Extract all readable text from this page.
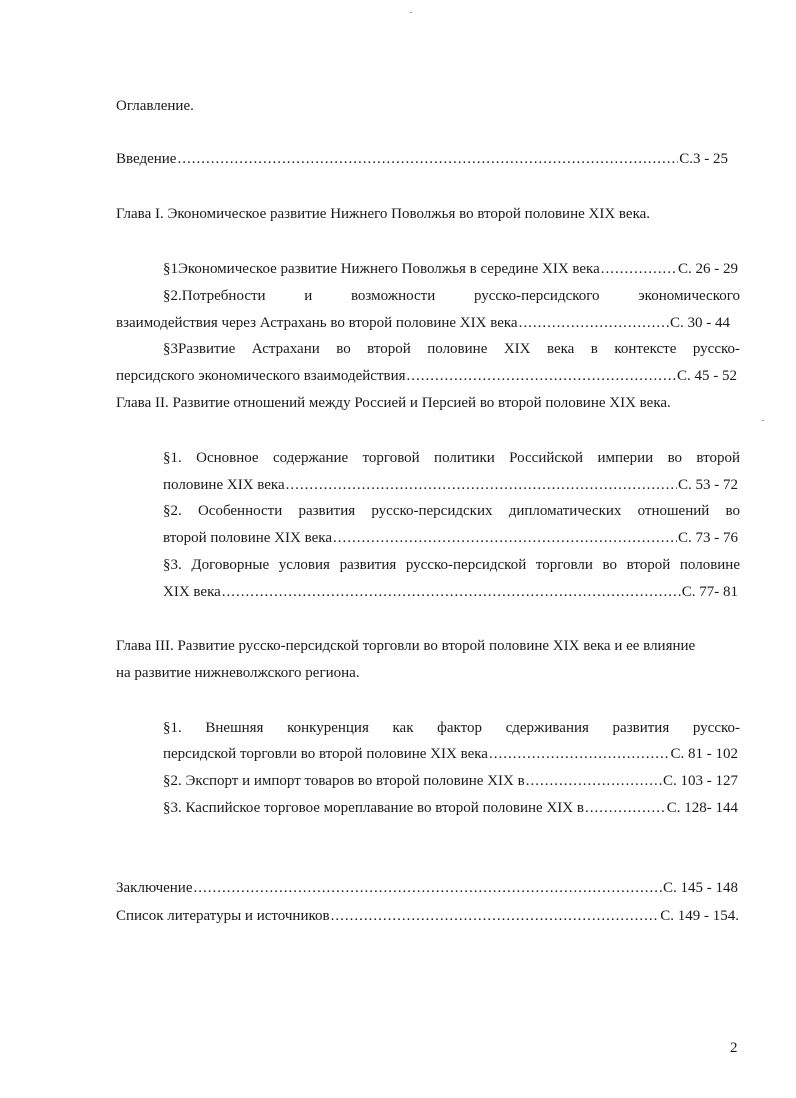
Оглавление.
Введение .....	С.3 - 25
Глава I. Экономическое развитие Нижнего Поволжья во второй половине XIX века.
§1Экономическое развитие Нижнего Поволжья в середине XIX века .....	С. 26 - 29
§2.Потребности и возможности русско-персидского экономического
взаимодействия через Астрахань во второй половине XIX века .....	С. 30 - 44
§3Развитие Астрахани во второй половине XIX века в контексте русско-
персидского экономического взаимодействия .....	С. 45 - 52
Глава II. Развитие отношений между Россией и Персией во второй половине XIX века.
§1. Основное содержание торговой политики Российской империи во второй
половине XIX века .....	С. 53 - 72
§2. Особенности развития русско-персидских дипломатических отношений во
второй половине XIX века .....	С. 73 - 76
§3. Договорные условия развития русско-персидской торговли во второй половине
XIX века .....	С. 77- 81
Глава III. Развитие русско-персидской торговли во второй половине XIX века и ее влияние
на развитие нижневолжского региона.
§1. Внешняя конкуренция как фактор сдерживания развития русско-
персидской торговли во второй половине XIX века .....	С. 81 - 102
§2. Экспорт и импорт товаров во второй половине XIX в .....	С. 103 - 127
§3. Каспийское торговое мореплавание во второй половине XIX в .....	С. 128- 144
Заключение .....	С. 145 - 148
Список литературы и источников .....	С. 149 - 154.
2
